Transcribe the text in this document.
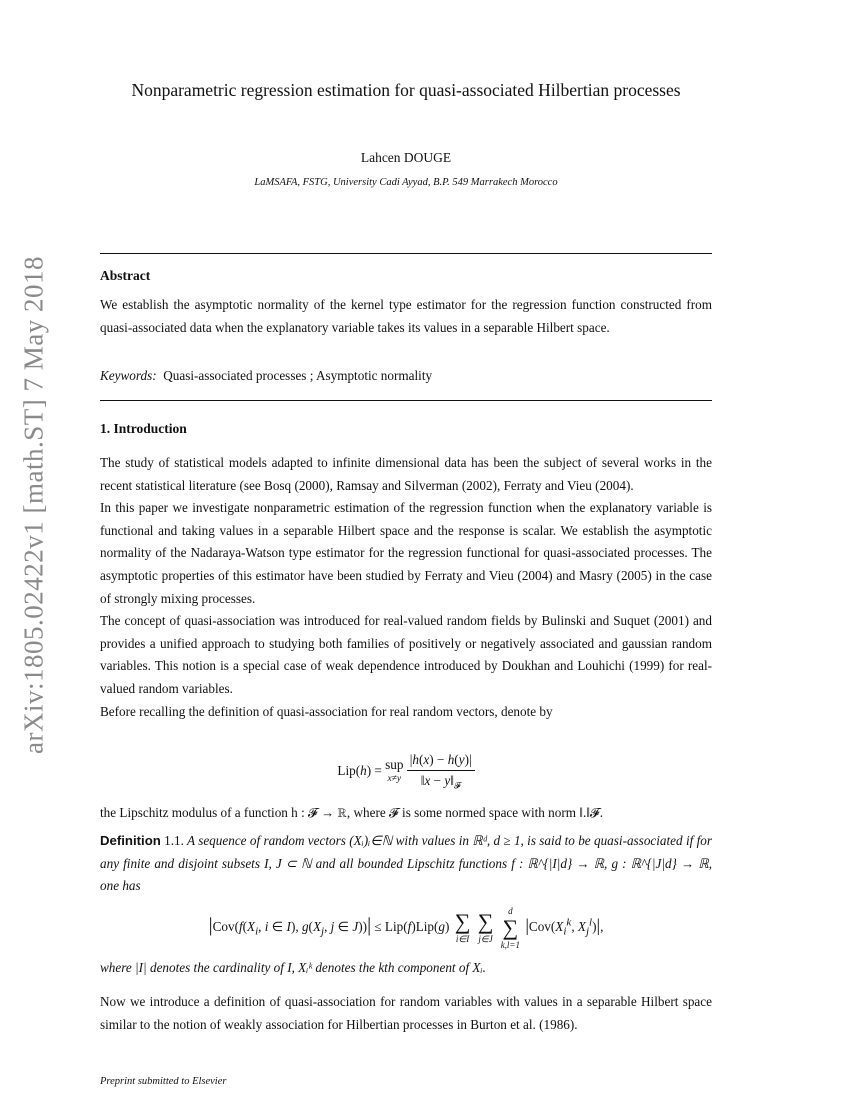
arXiv:1805.02422v1 [math.ST] 7 May 2018
Nonparametric regression estimation for quasi-associated Hilbertian processes
Lahcen DOUGE
LaMSAFA, FSTG, University Cadi Ayyad, B.P. 549 Marrakech Morocco
Abstract

We establish the asymptotic normality of the kernel type estimator for the regression function constructed from quasi-associated data when the explanatory variable takes its values in a separable Hilbert space.

Keywords: Quasi-associated processes ; Asymptotic normality
1. Introduction

The study of statistical models adapted to infinite dimensional data has been the subject of several works in the recent statistical literature (see Bosq (2000), Ramsay and Silverman (2002), Ferraty and Vieu (2004).

In this paper we investigate nonparametric estimation of the regression function when the explanatory variable is functional and taking values in a separable Hilbert space and the response is scalar. We establish the asymptotic normality of the Nadaraya-Watson type estimator for the regression functional for quasi-associated processes. The asymptotic properties of this estimator have been studied by Ferraty and Vieu (2004) and Masry (2005) in the case of strongly mixing processes.

The concept of quasi-association was introduced for real-valued random fields by Bulinski and Suquet (2001) and provides a unified approach to studying both families of positively or negatively associated and gaussian random variables. This notion is a special case of weak dependence introduced by Doukhan and Louhichi (1999) for real-valued random variables.

Before recalling the definition of quasi-association for real random vectors, denote by

Lip(h) = sup
x≠y
$\frac{|h(x) - h(y)|}{‖x - y‖_𝓕}$

the Lipschitz modulus of a function h : 𝓕 → ℝ, where 𝓕 is some normed space with norm ‖.‖𝓕.

Definition 1.1. A sequence of random vectors (Xᵢ)ᵢ∈ℕ with values in ℝᵈ, d ≥ 1, is said to be quasi-associated if for any finite and disjoint subsets I, J ⊂ ℕ and all bounded Lipschitz functions f : ℝ^{|I|d} → ℝ, g : ℝ^{|J|d} → ℝ, one has
$|Cov(f(X_i$, i ∈ I), $g(X_j$, j ∈ J))| ≤ Lip(f)Lip(g) ∑
i∈I

∑
j∈J

d
∑
k,l=1
$|Cov(X_i^k$, $X_j^l)|$,
where |I| denotes the cardinality of I, Xᵢᵏ denotes the kth component of Xᵢ.

Now we introduce a definition of quasi-association for random variables with values in a separable Hilbert space similar to the notion of weakly association for Hilbertian processes in Burton et al. (1986).

Preprint submitted to Elsevier
